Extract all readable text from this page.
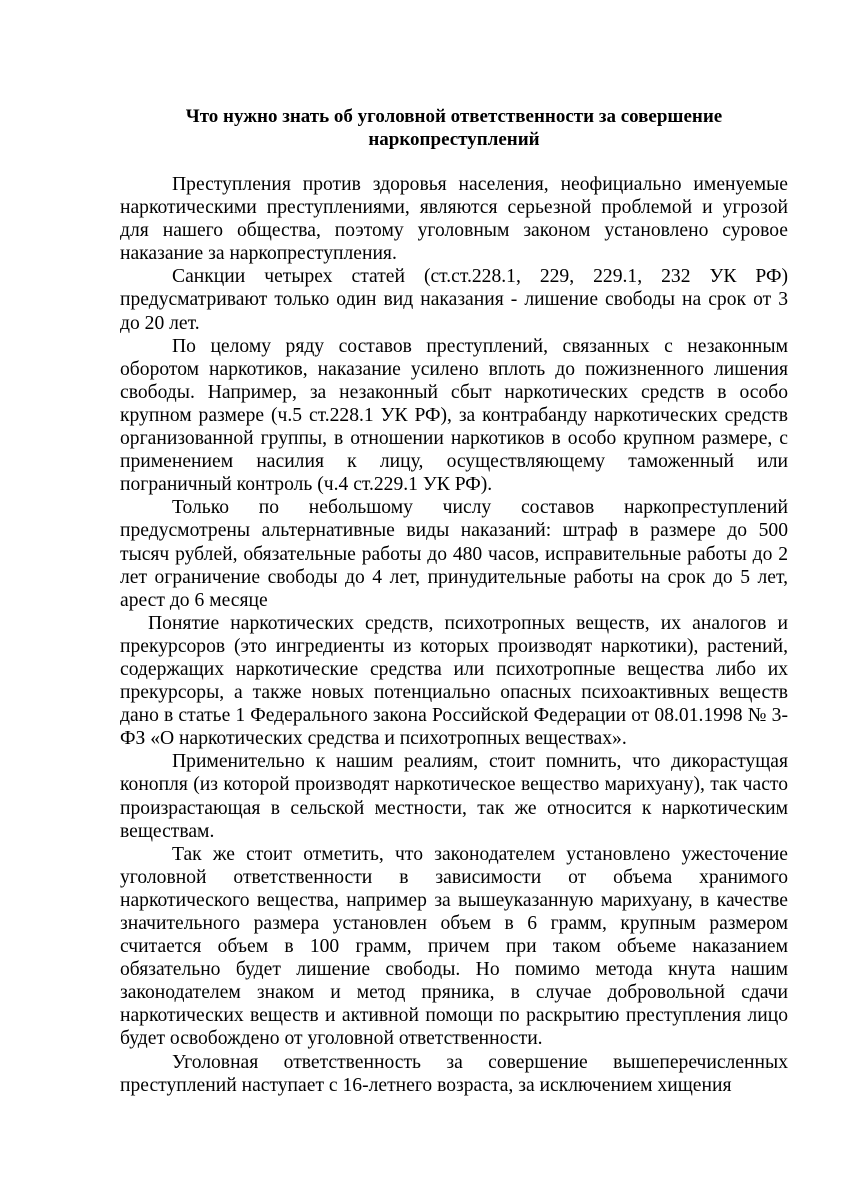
Что нужно знать об уголовной ответственности за совершение наркопреступлений

Преступления против здоровья населения, неофициально именуемые наркотическими преступлениями, являются серьезной проблемой и угрозой для нашего общества, поэтому уголовным законом установлено суровое наказание за наркопреступления.

Санкции четырех статей (ст.ст.228.1, 229, 229.1, 232 УК РФ) предусматривают только один вид наказания - лишение свободы на срок от 3 до 20 лет.

По целому ряду составов преступлений, связанных с незаконным оборотом наркотиков, наказание усилено вплоть до пожизненного лишения свободы. Например, за незаконный сбыт наркотических средств в особо крупном размере (ч.5 ст.228.1 УК РФ), за контрабанду наркотических средств организованной группы, в отношении наркотиков в особо крупном размере, с применением насилия к лицу, осуществляющему таможенный или пограничный контроль (ч.4 ст.229.1 УК РФ).

Только по небольшому числу составов наркопреступлений предусмотрены альтернативные виды наказаний: штраф в размере до 500 тысяч рублей, обязательные работы до 480 часов, исправительные работы до 2 лет ограничение свободы до 4 лет, принудительные работы на срок до 5 лет, арест до 6 месяце

Понятие наркотических средств, психотропных веществ, их аналогов и прекурсоров (это ингредиенты из которых производят наркотики), растений, содержащих наркотические средства или психотропные вещества либо их прекурсоры, а также новых потенциально опасных психоактивных веществ дано в статье 1 Федерального закона Российской Федерации от 08.01.1998 № 3-ФЗ «О наркотических средства и психотропных веществах».

Применительно к нашим реалиям, стоит помнить, что дикорастущая конопля (из которой производят наркотическое вещество марихуану), так часто произрастающая в сельской местности, так же относится к наркотическим веществам.

Так же стоит отметить, что законодателем установлено ужесточение уголовной ответственности в зависимости от объема хранимого наркотического вещества, например за вышеуказанную марихуану, в качестве значительного размера установлен объем в 6 грамм, крупным размером считается объем в 100 грамм, причем при таком объеме наказанием обязательно будет лишение свободы. Но помимо метода кнута нашим законодателем знаком и метод пряника, в случае добровольной сдачи наркотических веществ и активной помощи по раскрытию преступления лицо будет освобождено от уголовной ответственности.

Уголовная ответственность за совершение вышеперечисленных преступлений наступает с 16-летнего возраста, за исключением хищения
